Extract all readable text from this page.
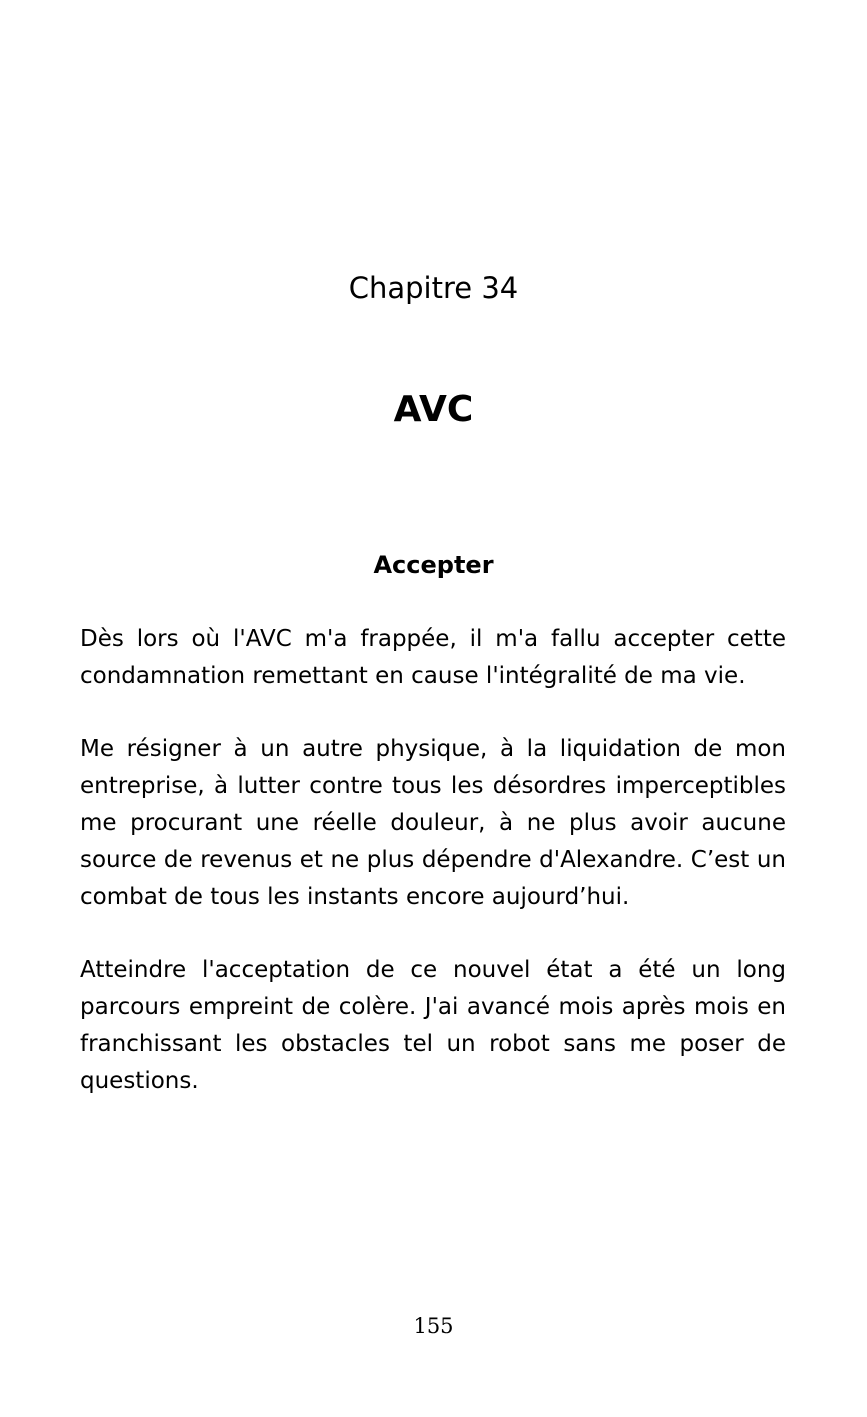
Chapitre 34
AVC
Accepter

Dès lors où l'AVC m'a frappée, il m'a fallu accepter cette condamnation remettant en cause l'intégralité de ma vie.

Me résigner à un autre physique, à la liquidation de mon entreprise, à lutter contre tous les désordres imperceptibles me procurant une réelle douleur, à ne plus avoir aucune source de revenus et ne plus dépendre d'Alexandre. C’est un combat de tous les instants encore aujourd’hui.

Atteindre l'acceptation de ce nouvel état a été un long parcours empreint de colère. J'ai avancé mois après mois en franchissant les obstacles tel un robot sans me poser de questions.

155
